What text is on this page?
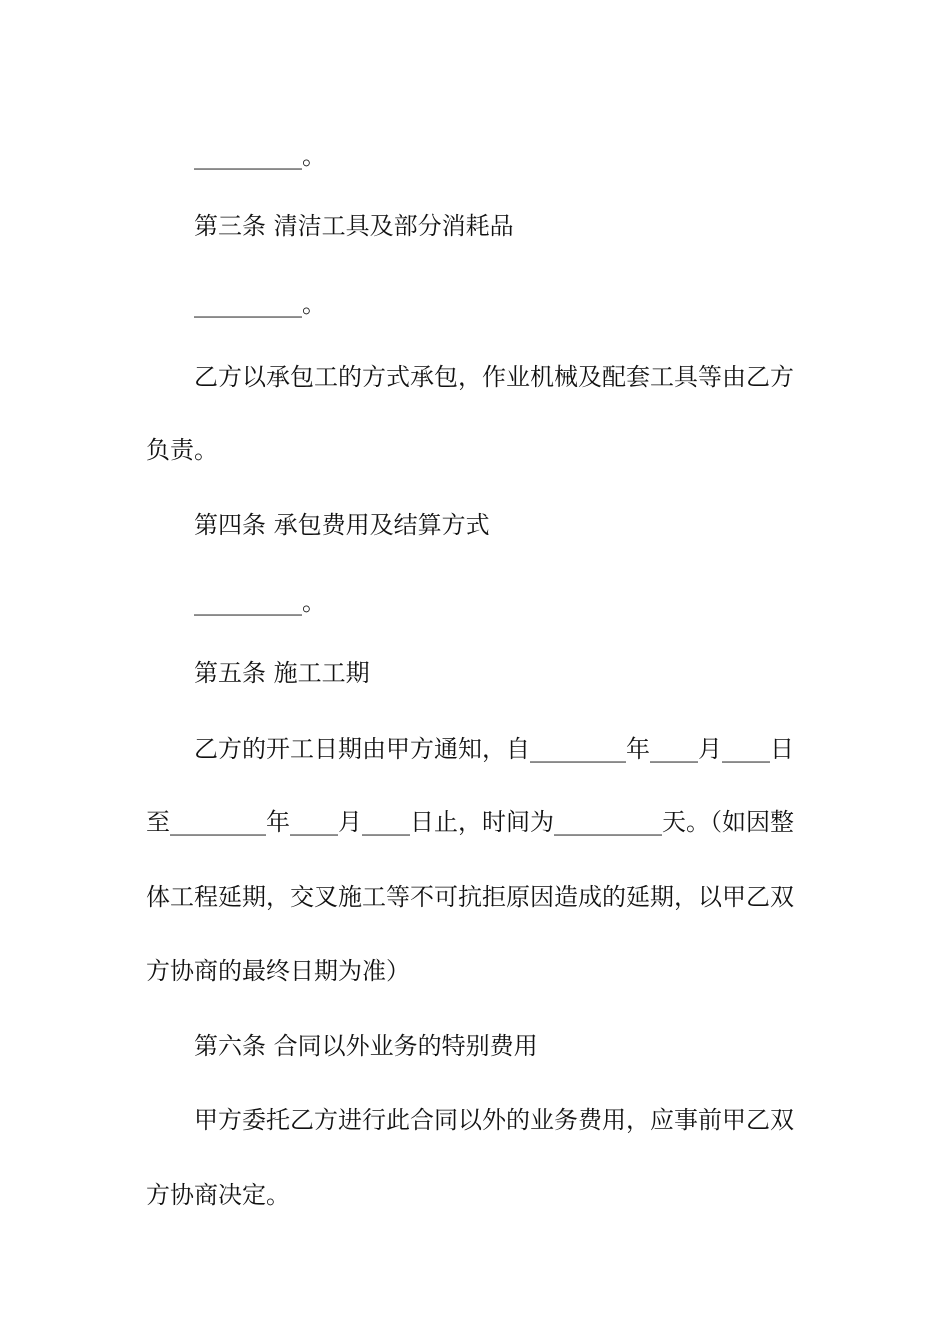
_________。
第三条 清洁工具及部分消耗品
_________。
乙方以承包工的方式承包，作业机械及配套工具等由乙方
负责。
第四条 承包费用及结算方式
_________。
第五条 施工工期
乙方的开工日期由甲方通知，自________年____月____日
至________年____月____日止，时间为_________天。（如因整
体工程延期，交叉施工等不可抗拒原因造成的延期，以甲乙双
方协商的最终日期为准）
第六条 合同以外业务的特别费用
甲方委托乙方进行此合同以外的业务费用，应事前甲乙双
方协商决定。
